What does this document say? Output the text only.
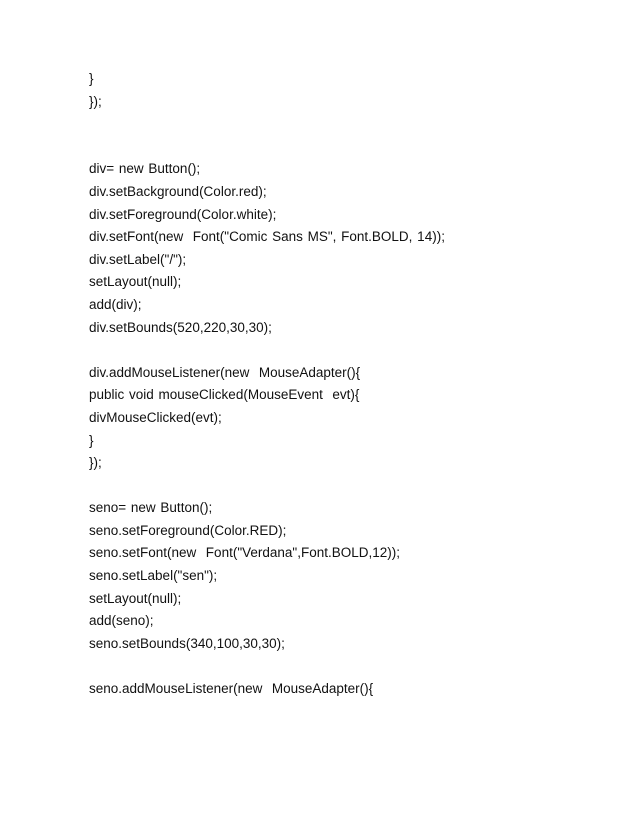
}
});
div= new Button();
div.setBackground(Color.red);
div.setForeground(Color.white);
div.setFont(new  Font("Comic Sans MS", Font.BOLD, 14));
div.setLabel("/");
setLayout(null);
add(div);
div.setBounds(520,220,30,30);
div.addMouseListener(new  MouseAdapter(){
public void mouseClicked(MouseEvent  evt){
divMouseClicked(evt);
}
});
seno= new Button();
seno.setForeground(Color.RED);
seno.setFont(new  Font("Verdana",Font.BOLD,12));
seno.setLabel("sen");
setLayout(null);
add(seno);
seno.setBounds(340,100,30,30);
seno.addMouseListener(new  MouseAdapter(){
